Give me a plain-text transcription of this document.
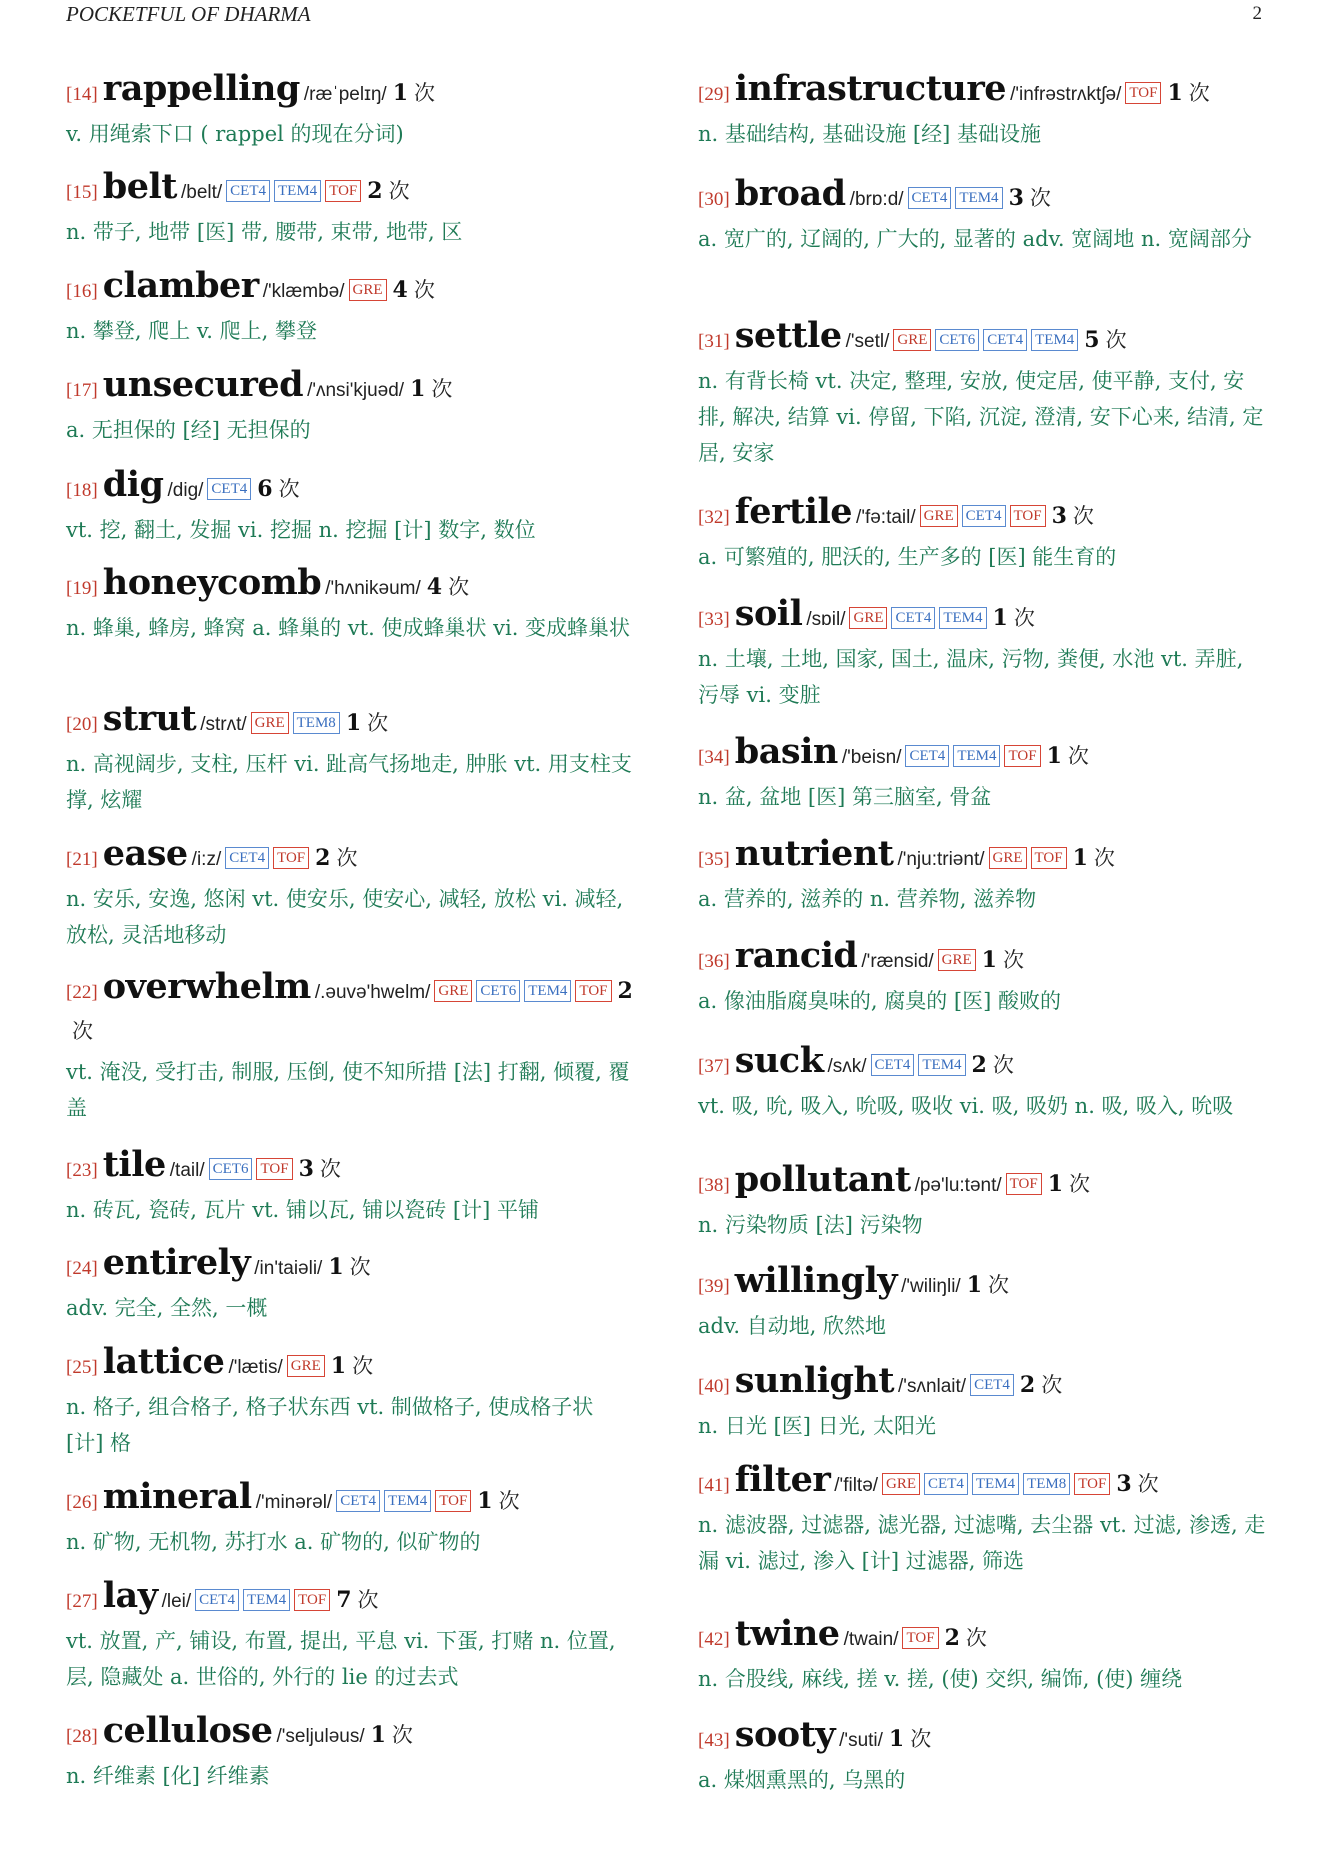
POCKETFUL OF DHARMA	2
[14] rappelling /ræˈpelɪŋ/ 1 次
v. 用绳索下口 ( rappel 的现在分词)
[15] belt /belt/ CET4 TEM4 TOF 2 次
n. 带子, 地带 [医] 带, 腰带, 束带, 地带, 区
[16] clamber /'klæmbə/ GRE 4 次
n. 攀登, 爬上 v. 爬上, 攀登
[17] unsecured /'ʌnsi'kjuəd/ 1 次
a. 无担保的 [经] 无担保的
[18] dig /dig/ CET4 6 次
vt. 挖, 翻土, 发掘 vi. 挖掘 n. 挖掘 [计] 数字, 数位
[19] honeycomb /'hʌnikəum/ 4 次
n. 蜂巢, 蜂房, 蜂窝 a. 蜂巢的 vt. 使成蜂巢状 vi. 变成蜂巢状
[20] strut /strʌt/ GRE TEM8 1 次
n. 高视阔步, 支柱, 压杆 vi. 趾高气扬地走, 肿胀 vt. 用支柱支撑, 炫耀
[21] ease /i:z/ CET4 TOF 2 次
n. 安乐, 安逸, 悠闲 vt. 使安乐, 使安心, 减轻, 放松 vi. 减轻, 放松, 灵活地移动
[22] overwhelm /.əuvə'hwelm/ GRE CET6 TEM4 TOF 2次
vt. 淹没, 受打击, 制服, 压倒, 使不知所措 [法] 打翻, 倾覆, 覆盖
[23] tile /tail/ CET6 TOF 3 次
n. 砖瓦, 瓷砖, 瓦片 vt. 铺以瓦, 铺以瓷砖 [计] 平铺
[24] entirely /in'taiəli/ 1 次
adv. 完全, 全然, 一概
[25] lattice /'lætis/ GRE 1 次
n. 格子, 组合格子, 格子状东西 vt. 制做格子, 使成格子状 [计] 格
[26] mineral /'minərəl/ CET4 TEM4 TOF 1 次
n. 矿物, 无机物, 苏打水 a. 矿物的, 似矿物的
[27] lay /lei/ CET4 TEM4 TOF 7 次
vt. 放置, 产, 铺设, 布置, 提出, 平息 vi. 下蛋, 打赌 n. 位置, 层, 隐藏处 a. 世俗的, 外行的 lie 的过去式
[28] cellulose /'seljuləus/ 1 次
n. 纤维素 [化] 纤维素
[29] infrastructure /'infrəstrʌktʃə/ TOF 1 次
n. 基础结构, 基础设施 [经] 基础设施
[30] broad /brɒ:d/ CET4 TEM4 3 次
a. 宽广的, 辽阔的, 广大的, 显著的 adv. 宽阔地 n. 宽阔部分
[31] settle /'setl/ GRE CET6 CET4 TEM4 5 次
n. 有背长椅 vt. 决定, 整理, 安放, 使定居, 使平静, 支付, 安排, 解决, 结算 vi. 停留, 下陷, 沉淀, 澄清, 安下心来, 结清, 定居, 安家
[32] fertile /'fə:tail/ GRE CET4 TOF 3 次
a. 可繁殖的, 肥沃的, 生产多的 [医] 能生育的
[33] soil /sɒil/ GRE CET4 TEM4 1 次
n. 土壤, 土地, 国家, 国土, 温床, 污物, 粪便, 水池 vt. 弄脏, 污辱 vi. 变脏
[34] basin /'beisn/ CET4 TEM4 TOF 1 次
n. 盆, 盆地 [医] 第三脑室, 骨盆
[35] nutrient /'nju:triənt/ GRE TOF 1 次
a. 营养的, 滋养的 n. 营养物, 滋养物
[36] rancid /'rænsid/ GRE 1 次
a. 像油脂腐臭味的, 腐臭的 [医] 酸败的
[37] suck /sʌk/ CET4 TEM4 2 次
vt. 吸, 吮, 吸入, 吮吸, 吸收 vi. 吸, 吸奶 n. 吸, 吸入, 吮吸
[38] pollutant /pə'lu:tənt/ TOF 1 次
n. 污染物质 [法] 污染物
[39] willingly /'wiliŋli/ 1 次
adv. 自动地, 欣然地
[40] sunlight /'sʌnlait/ CET4 2 次
n. 日光 [医] 日光, 太阳光
[41] filter /'filtə/ GRE CET4 TEM4 TEM8 TOF 3 次
n. 滤波器, 过滤器, 滤光器, 过滤嘴, 去尘器 vt. 过滤, 渗透, 走漏 vi. 滤过, 渗入 [计] 过滤器, 筛选
[42] twine /twain/ TOF 2 次
n. 合股线, 麻线, 搓 v. 搓, (使) 交织, 编饰, (使) 缠绕
[43] sooty /'suti/ 1 次
a. 煤烟熏黑的, 乌黑的
